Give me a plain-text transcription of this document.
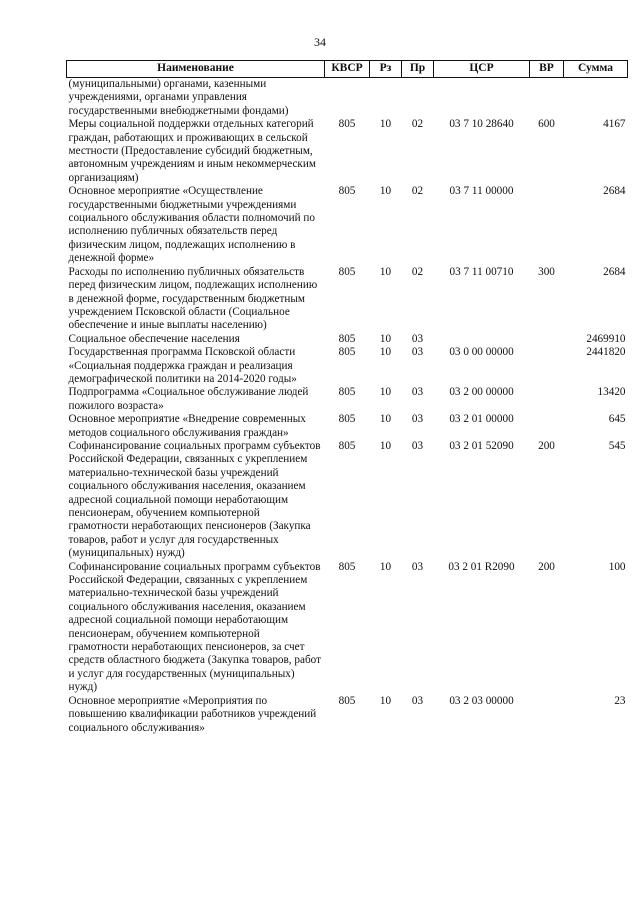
34
Наименование	КВСР	Рз	Пр	ЦСР	ВР	Сумма
(муниципальными) органами, казенными учреждениями, органами управления государственными внебюджетными фондами)						
Меры социальной поддержки отдельных категорий граждан, работающих и проживающих в сельской местности (Предоставление субсидий бюджетным, автономным учреждениям и иным некоммерческим организациям)	805	10	02	03 7 10 28640	600	4167
Основное мероприятие «Осуществление государственными бюджетными учреждениями социального обслуживания области полномочий по исполнению публичных обязательств перед физическим лицом, подлежащих исполнению в денежной форме»	805	10	02	03 7 11 00000		2684
Расходы по исполнению публичных обязательств перед физическим лицом, подлежащих исполнению в денежной форме, государственным бюджетным учреждением Псковской области (Социальное обеспечение и иные выплаты населению)	805	10	02	03 7 11 00710	300	2684
Социальное обеспечение населения	805	10	03			2469910
Государственная программа Псковской области «Социальная поддержка граждан и реализация демографической политики на 2014-2020 годы»	805	10	03	03 0 00 00000		2441820
Подпрограмма «Социальное обслуживание людей пожилого возраста»	805	10	03	03 2 00 00000		13420
Основное мероприятие «Внедрение современных методов социального обслуживания граждан»	805	10	03	03 2 01 00000		645
Софинансирование социальных программ субъектов Российской Федерации, связанных с укреплением материально-технической базы учреждений социального обслуживания населения, оказанием адресной социальной помощи неработающим пенсионерам, обучением компьютерной грамотности неработающих пенсионеров (Закупка товаров, работ и услуг для государственных (муниципальных) нужд)	805	10	03	03 2 01 52090	200	545
Софинансирование социальных программ субъектов Российской Федерации, связанных с укреплением материально-технической базы учреждений социального обслуживания населения, оказанием адресной социальной помощи неработающим пенсионерам, обучением компьютерной грамотности неработающих пенсионеров, за счет средств областного бюджета (Закупка товаров, работ и услуг для государственных (муниципальных) нужд)	805	10	03	03 2 01 R2090	200	100
Основное мероприятие «Мероприятия по повышению квалификации работников учреждений социального обслуживания»	805	10	03	03 2 03 00000		23
